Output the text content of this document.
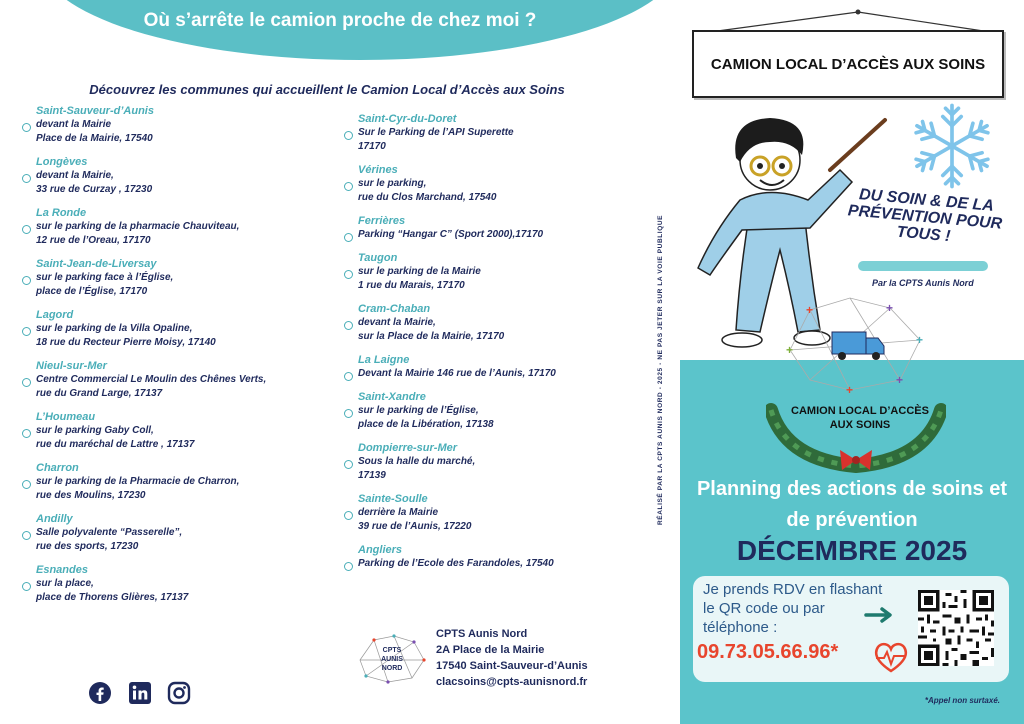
Où s’arrête le camion proche de chez moi ?
Découvrez les communes qui accueillent le Camion Local d’Accès aux Soins
Saint-Sauveur-d’Aunis
devant la Mairie
Place de la Mairie, 17540
Longèves
devant la Mairie,
33 rue de Curzay , 17230
La Ronde
sur le parking de la pharmacie Chauviteau,
12 rue de l’Oreau, 17170
Saint-Jean-de-Liversay
sur le parking face à l’Église,
place de l’Église, 17170
Lagord
sur le parking de la Villa Opaline,
18 rue du Recteur Pierre Moisy, 17140
Nieul-sur-Mer
Centre Commercial Le Moulin des Chênes Verts,
rue du Grand Large, 17137
L’Houmeau
sur le parking Gaby Coll,
rue du maréchal de Lattre , 17137
Charron
sur le parking de la Pharmacie de Charron,
rue des Moulins, 17230
Andilly
Salle polyvalente “Passerelle”,
rue des sports, 17230
Esnandes
sur la place,
place de Thorens Glières, 17137
Saint-Cyr-du-Doret
Sur le Parking de l’API Superette
17170
Vérines
sur le parking,
rue du Clos Marchand, 17540
Ferrières
Parking “Hangar C” (Sport 2000),17170
Taugon
sur le parking de la Mairie
1 rue du Marais, 17170
Cram-Chaban
devant la Mairie,
sur la Place de la Mairie, 17170
La Laigne
Devant la Mairie 146 rue de l’Aunis, 17170
Saint-Xandre
sur le parking de l’Église,
place de la Libération, 17138
Dompierre-sur-Mer
Sous la halle du marché,
17139
Sainte-Soulle
derrière la Mairie
39 rue de l’Aunis, 17220
Angliers
Parking de l’Ecole des Farandoles, 17540
CPTS
AUNIS
NORD
CPTS Aunis Nord
2A Place de la Mairie
17540 Saint-Sauveur-d’Aunis
clacsoins@cpts-aunisnord.fr
RÉALISÉ PAR LA CPTS AUNIS NORD - 2025 - NE PAS JETER SUR LA VOIE PUBLIQUE
CAMION LOCAL D’ACCÈS AUX SOINS
DU SOIN & DE LA PRÉVENTION POUR TOUS !
Par la CPTS Aunis Nord
+	+
+
+
+
+
CAMION LOCAL D’ACCÈS AUX SOINS
Planning des actions de soins et de prévention
DÉCEMBRE 2025
Je prends RDV en flashant le QR code ou par téléphone :
09.73.05.66.96*
*Appel non surtaxé.
